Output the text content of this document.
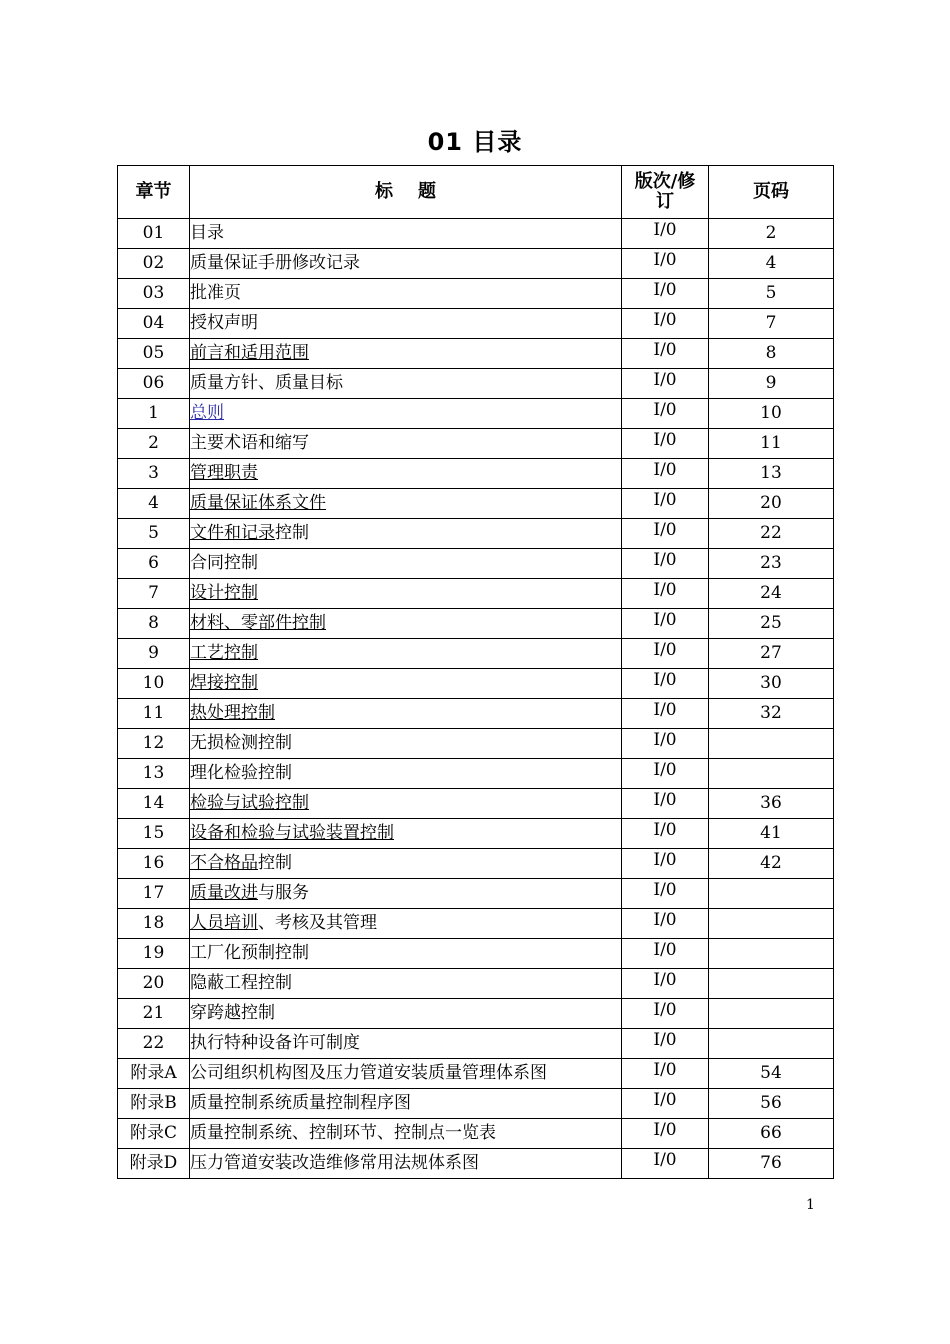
01 目录
章节	标    题	版次/修订	页码
01	目录	Ⅰ/0	2
02	质量保证手册修改记录	Ⅰ/0	4
03	批准页	Ⅰ/0	5
04	授权声明	Ⅰ/0	7
05	前言和适用范围	Ⅰ/0	8
06	质量方针、质量目标	Ⅰ/0	9
1	总则	Ⅰ/0	10
2	主要术语和缩写	Ⅰ/0	11
3	管理职责	Ⅰ/0	13
4	质量保证体系文件	Ⅰ/0	20
5	文件和记录控制	Ⅰ/0	22
6	合同控制	Ⅰ/0	23
7	设计控制	Ⅰ/0	24
8	材料、零部件控制	Ⅰ/0	25
9	工艺控制	Ⅰ/0	27
10	焊接控制	Ⅰ/0	30
11	热处理控制	Ⅰ/0	32
12	无损检测控制	Ⅰ/0	
13	理化检验控制	Ⅰ/0	
14	检验与试验控制	Ⅰ/0	36
15	设备和检验与试验装置控制	Ⅰ/0	41
16	不合格品控制	Ⅰ/0	42
17	质量改进与服务	Ⅰ/0	
18	人员培训、考核及其管理	Ⅰ/0	
19	工厂化预制控制	Ⅰ/0	
20	隐蔽工程控制	Ⅰ/0	
21	穿跨越控制	Ⅰ/0	
22	执行特种设备许可制度	Ⅰ/0	
附录A	公司组织机构图及压力管道安装质量管理体系图	Ⅰ/0	54
附录B	质量控制系统质量控制程序图	Ⅰ/0	56
附录C	质量控制系统、控制环节、控制点一览表	Ⅰ/0	66
附录D	压力管道安装改造维修常用法规体系图	Ⅰ/0	76
1
